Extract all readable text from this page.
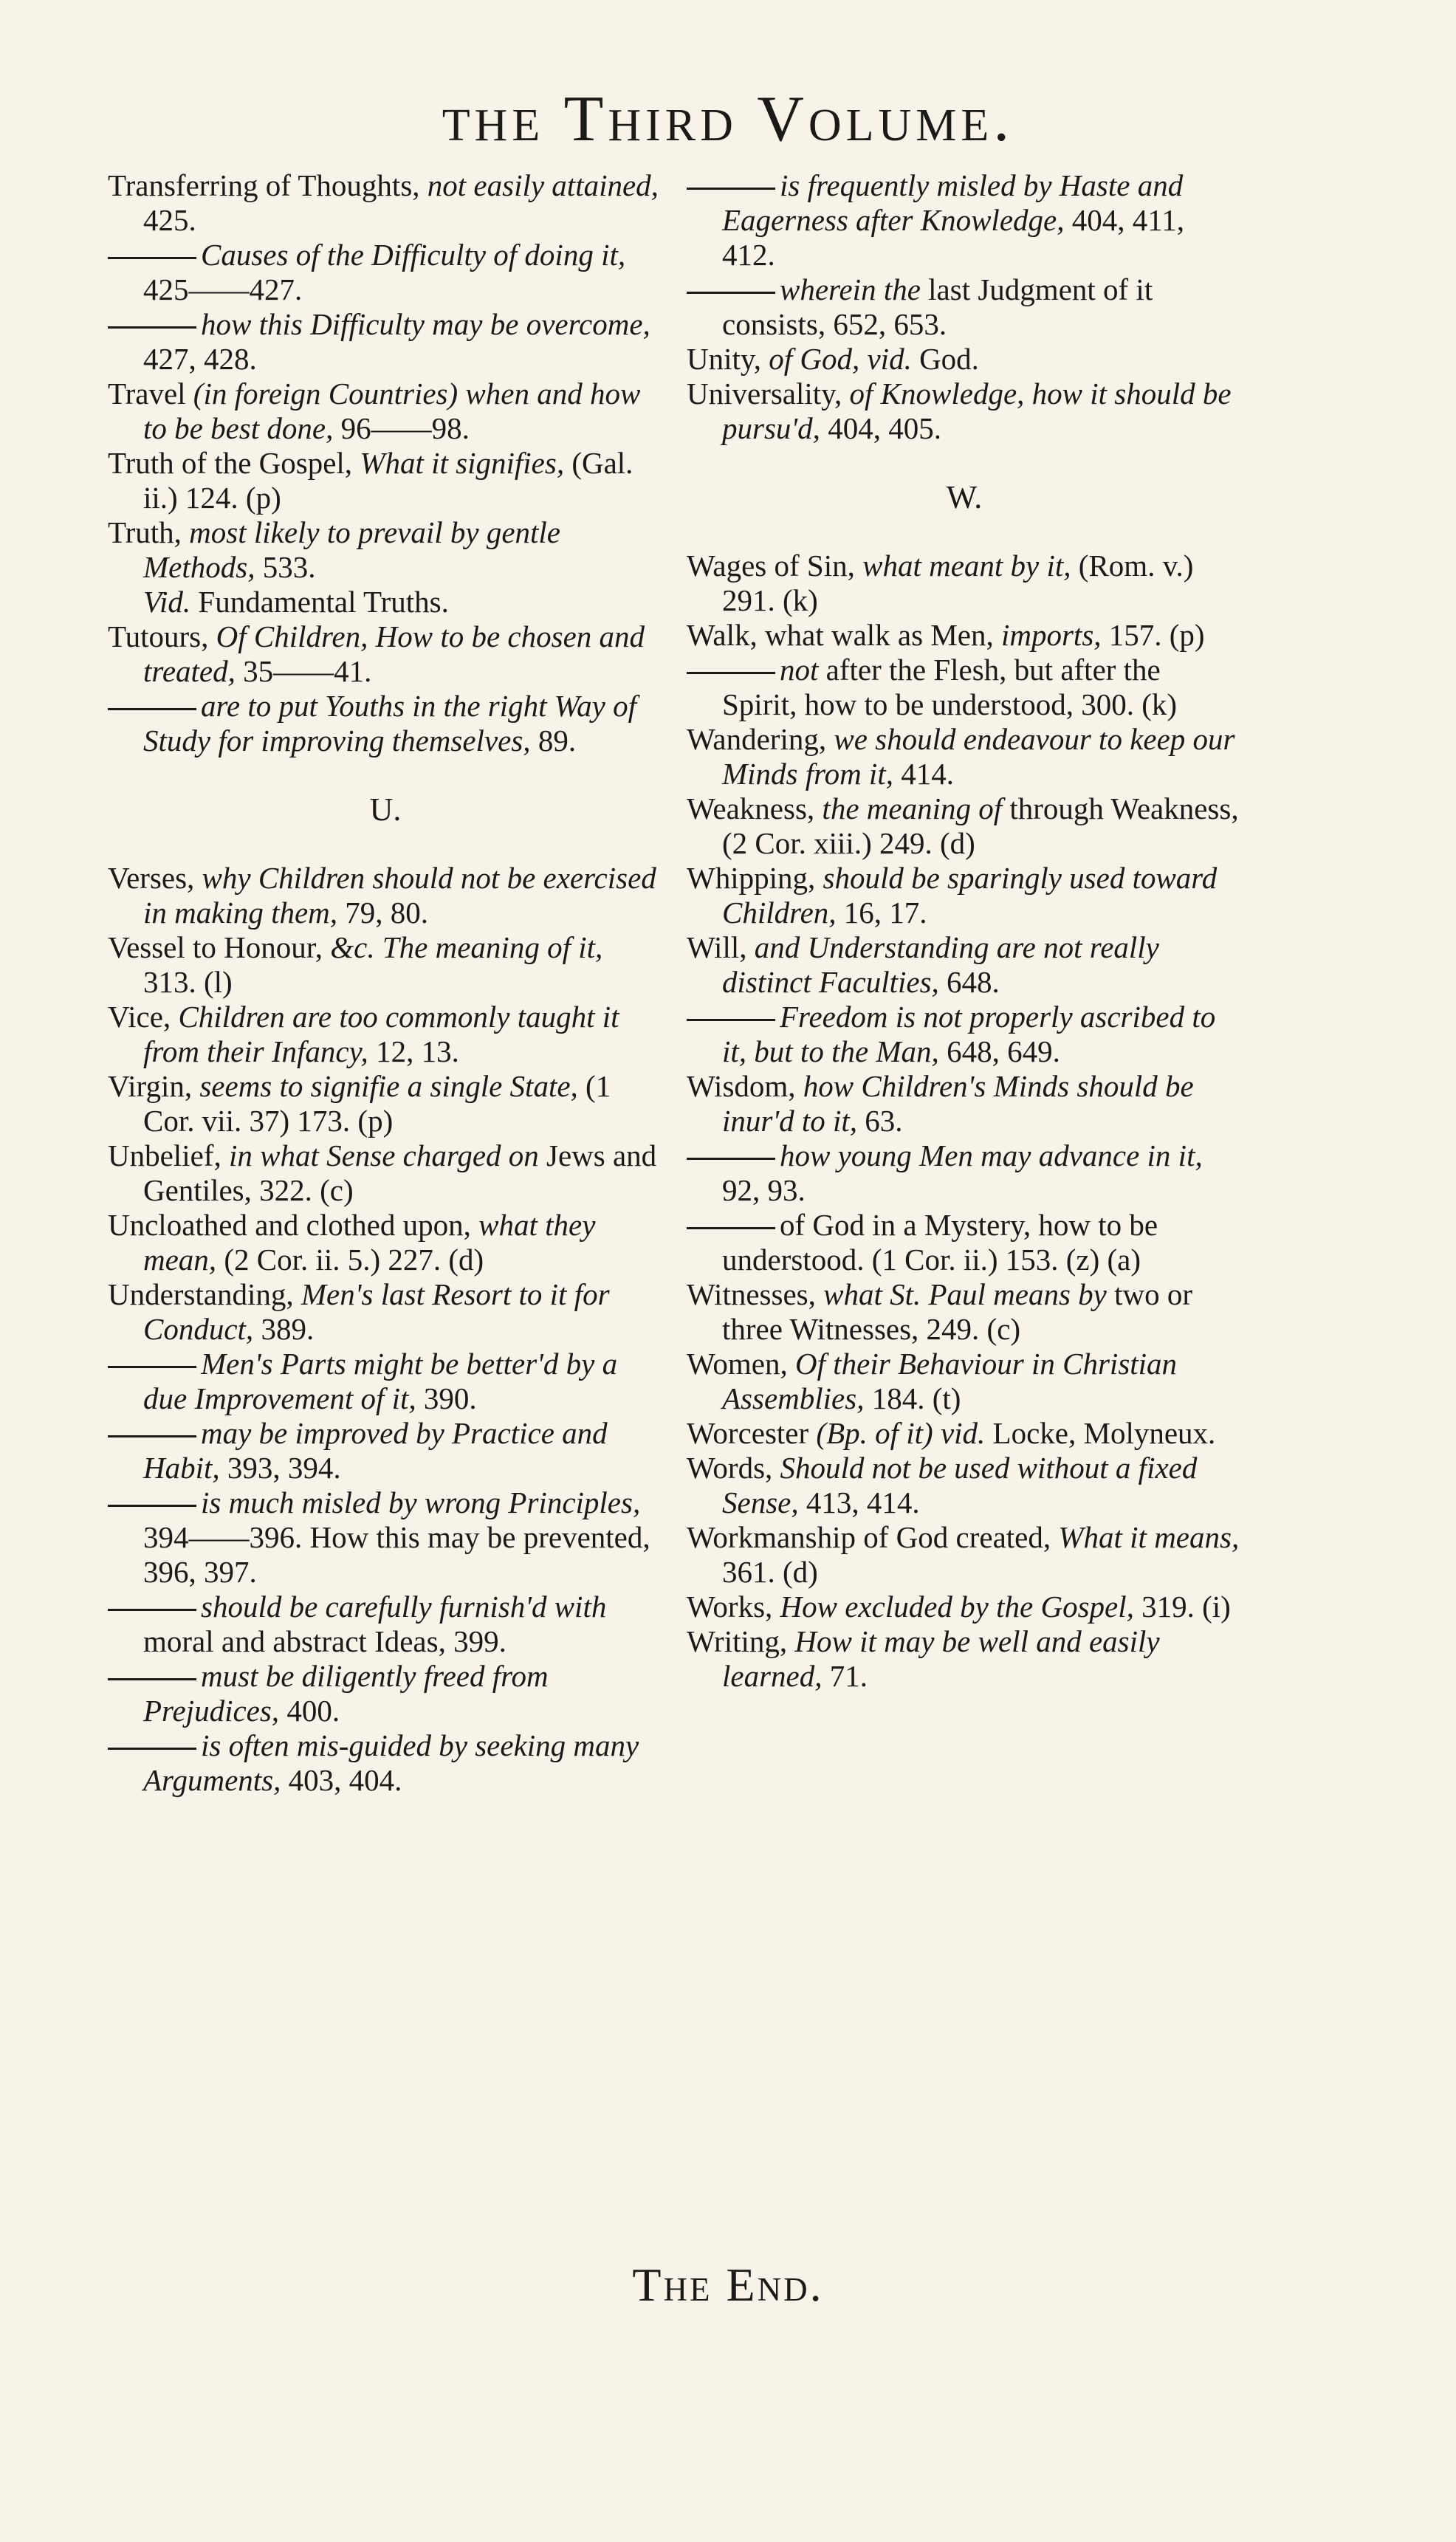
the Third Volume.
Transferring of Thoughts, not easily attained, 425.
Causes of the Difficulty of doing it, 425——427.
how this Difficulty may be overcome, 427, 428.
Travel (in foreign Countries) when and how to be best done, 96——98.
Truth of the Gospel, What it signifies, (Gal. ii.) 124. (p)
Truth, most likely to prevail by gentle Methods, 533.
Vid. Fundamental Truths.
Tutours, Of Children, How to be chosen and treated, 35——41.
are to put Youths in the right Way of Study for improving themselves, 89.
U.
Verses, why Children should not be exercised in making them, 79, 80.
Vessel to Honour, &c. The meaning of it, 313. (l)
Vice, Children are too commonly taught it from their Infancy, 12, 13.
Virgin, seems to signifie a single State, (1 Cor. vii. 37) 173. (p)
Unbelief, in what Sense charged on Jews and Gentiles, 322. (c)
Uncloathed and clothed upon, what they mean, (2 Cor. ii. 5.) 227. (d)
Understanding, Men's last Resort to it for Conduct, 389.
Men's Parts might be better'd by a due Improvement of it, 390.
may be improved by Practice and Habit, 393, 394.
is much misled by wrong Principles, 394——396. How this may be prevented, 396, 397.
should be carefully furnish'd with moral and abstract Ideas, 399.
must be diligently freed from Prejudices, 400.
is often mis-guided by seeking many Arguments, 403, 404.
is frequently misled by Haste and Eagerness after Knowledge, 404, 411, 412.
wherein the last Judgment of it consists, 652, 653.
Unity, of God, vid. God.
Universality, of Knowledge, how it should be pursu'd, 404, 405.
W.
Wages of Sin, what meant by it, (Rom. v.) 291. (k)
Walk, what walk as Men, imports, 157. (p)
not after the Flesh, but after the Spirit, how to be understood, 300. (k)
Wandering, we should endeavour to keep our Minds from it, 414.
Weakness, the meaning of through Weakness, (2 Cor. xiii.) 249. (d)
Whipping, should be sparingly used toward Children, 16, 17.
Will, and Understanding are not really distinct Faculties, 648.
Freedom is not properly ascribed to it, but to the Man, 648, 649.
Wisdom, how Children's Minds should be inur'd to it, 63.
how young Men may advance in it, 92, 93.
of God in a Mystery, how to be understood. (1 Cor. ii.) 153. (z) (a)
Witnesses, what St. Paul means by two or three Witnesses, 249. (c)
Women, Of their Behaviour in Christian Assemblies, 184. (t)
Worcester (Bp. of it) vid. Locke, Molyneux.
Words, Should not be used without a fixed Sense, 413, 414.
Workmanship of God created, What it means, 361. (d)
Works, How excluded by the Gospel, 319. (i)
Writing, How it may be well and easily learned, 71.
The End.
